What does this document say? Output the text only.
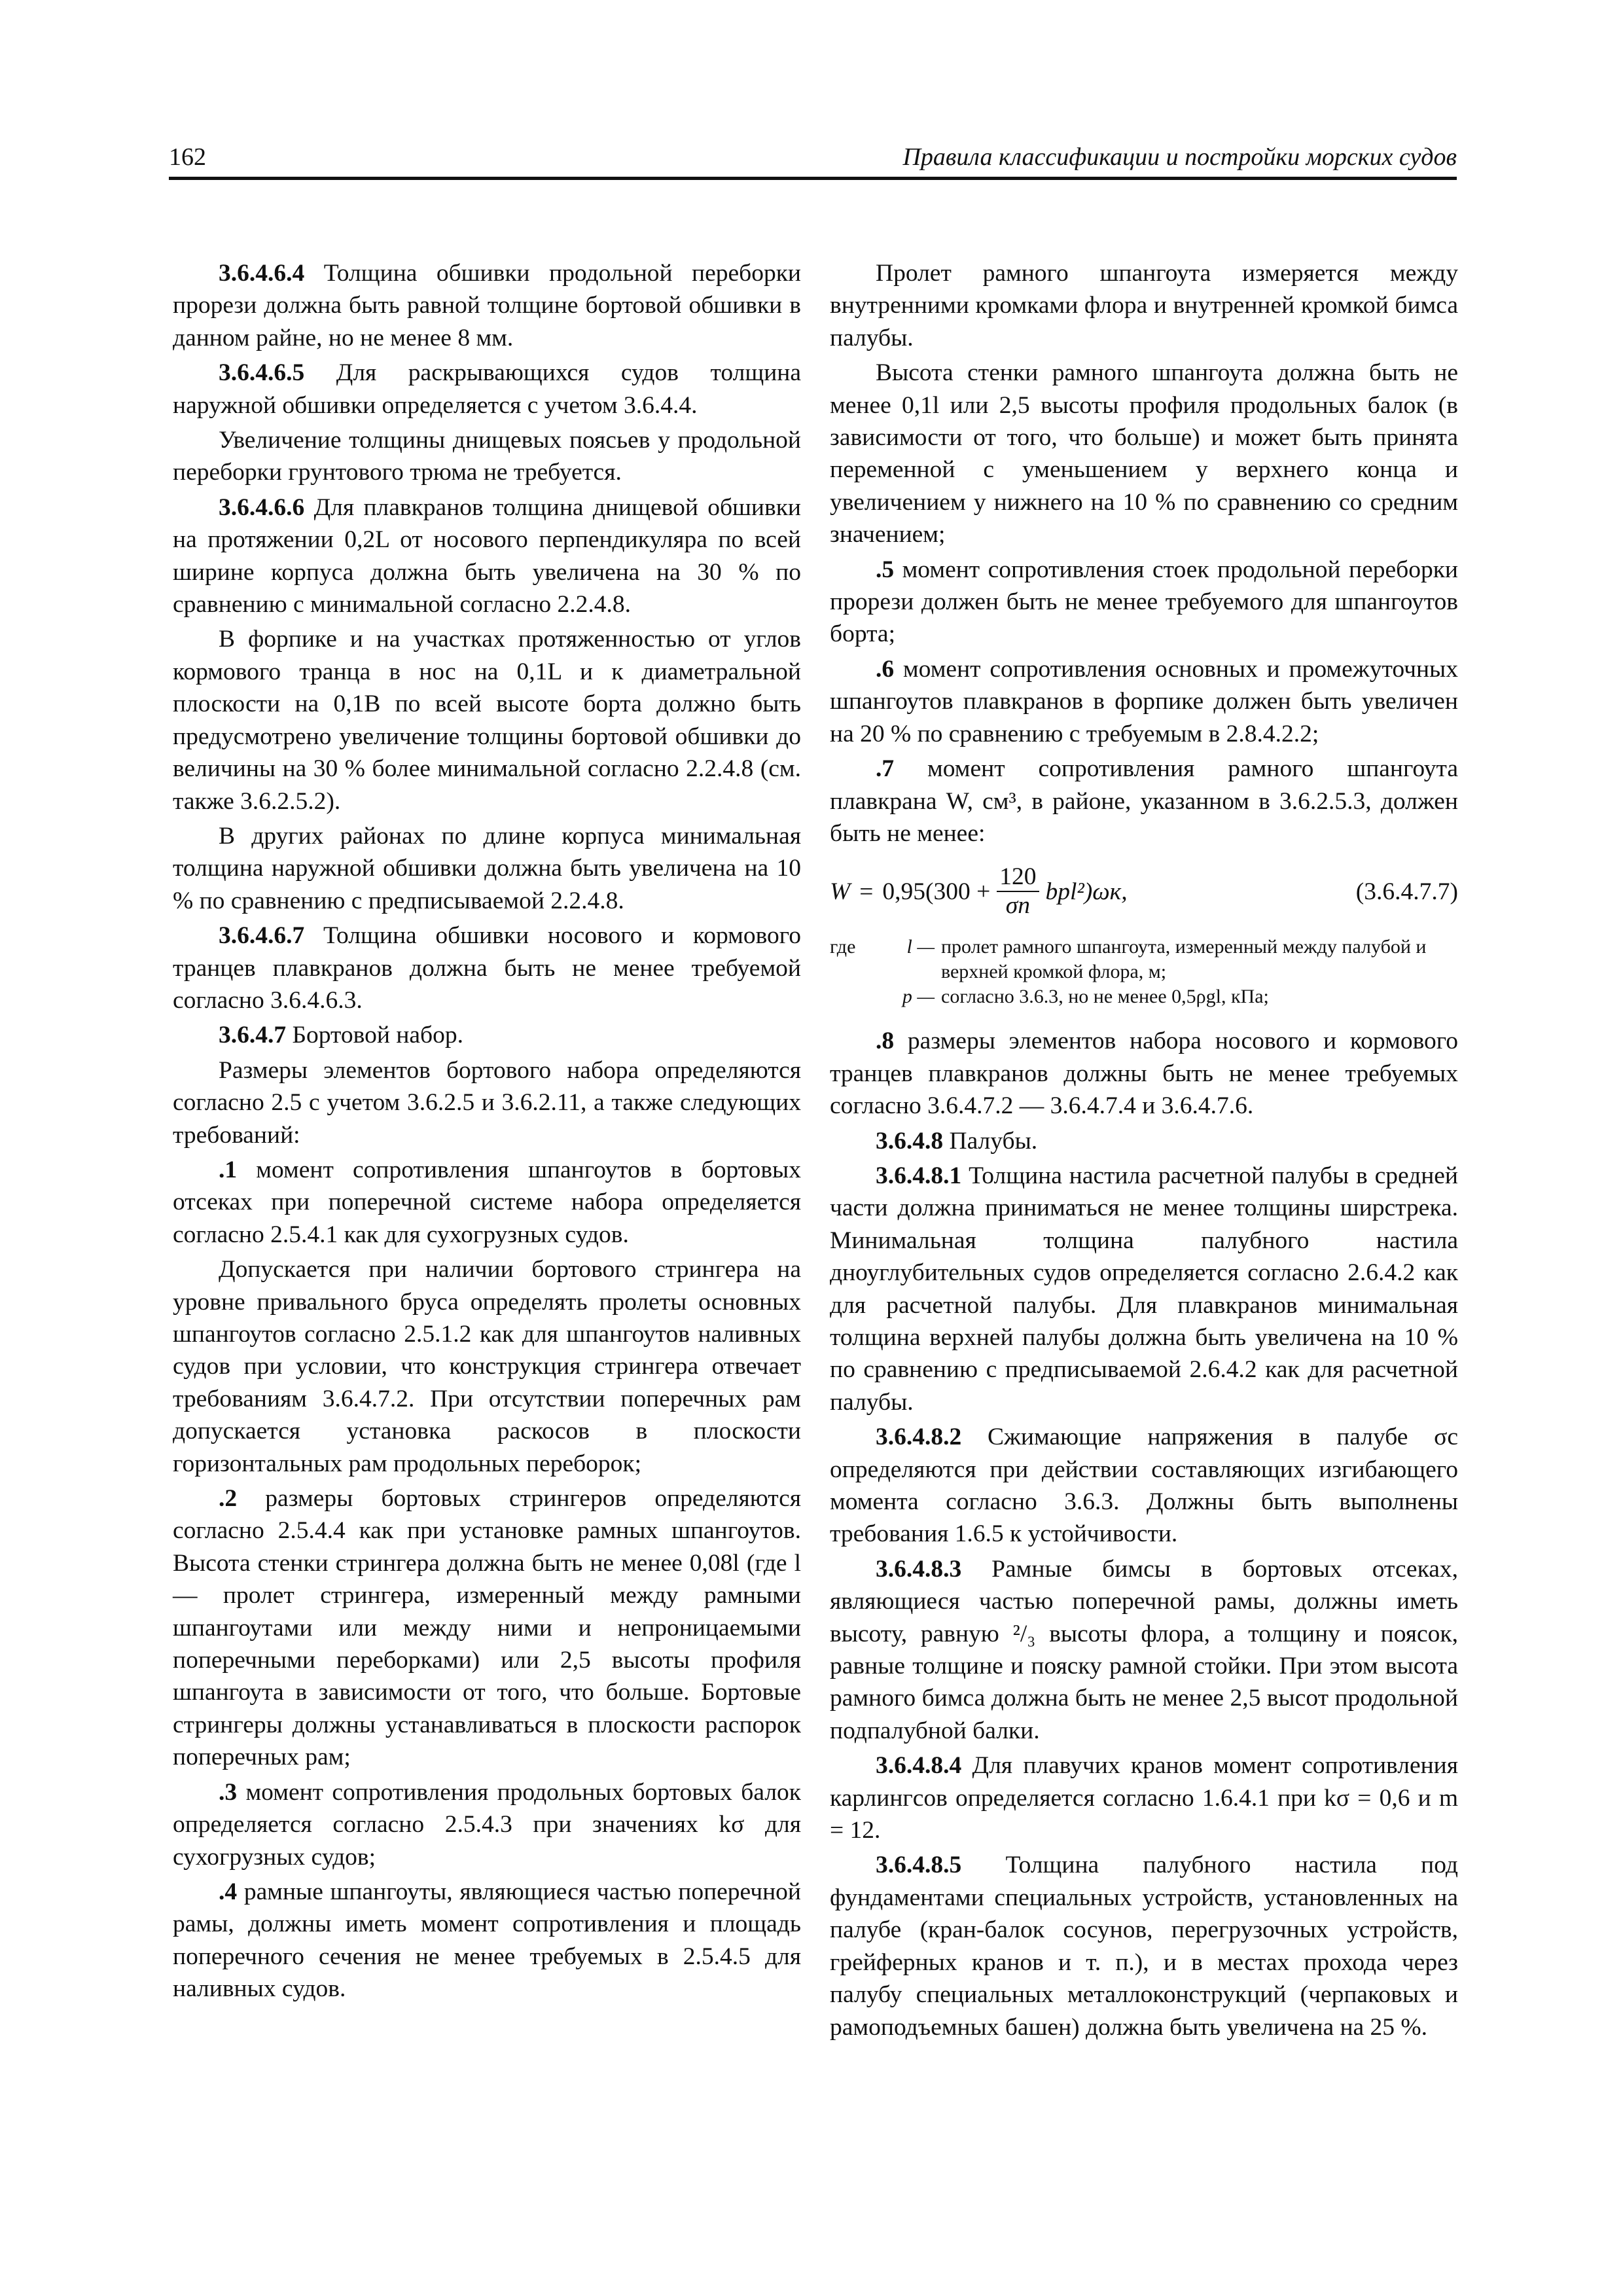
162	Правила классификации и постройки морских судов

3.6.4.6.4 Толщина обшивки продольной переборки прорези должна быть равной толщине бортовой обшивки в данном райне, но не менее 8 мм.

3.6.4.6.5 Для раскрывающихся судов толщина наружной обшивки определяется с учетом 3.6.4.4.

Увеличение толщины днищевых поясьев у продольной переборки грунтового трюма не требуется.

3.6.4.6.6 Для плавкранов толщина днищевой обшивки на протяжении 0,2L от носового перпендикуляра по всей ширине корпуса должна быть увеличена на 30 % по сравнению с минимальной согласно 2.2.4.8.

В форпике и на участках протяженностью от углов кормового транца в нос на 0,1L и к диаметральной плоскости на 0,1B по всей высоте борта должно быть предусмотрено увеличение толщины бортовой обшивки до величины на 30 % более минимальной согласно 2.2.4.8 (см. также 3.6.2.5.2).

В других районах по длине корпуса минимальная толщина наружной обшивки должна быть увеличена на 10 % по сравнению с предписываемой 2.2.4.8.

3.6.4.6.7 Толщина обшивки носового и кормового транцев плавкранов должна быть не менее требуемой согласно 3.6.4.6.3.

3.6.4.7 Бортовой набор.

Размеры элементов бортового набора определяются согласно 2.5 с учетом 3.6.2.5 и 3.6.2.11, а также следующих требований:

.1 момент сопротивления шпангоутов в бортовых отсеках при поперечной системе набора определяется согласно 2.5.4.1 как для сухогрузных судов.

Допускается при наличии бортового стрингера на уровне привального бруса определять пролеты основных шпангоутов согласно 2.5.1.2 как для шпангоутов наливных судов при условии, что конструкция стрингера отвечает требованиям 3.6.4.7.2. При отсутствии поперечных рам допускается установка раскосов в плоскости горизонтальных рам продольных переборок;

.2 размеры бортовых стрингеров определяются согласно 2.5.4.4 как при установке рамных шпангоутов. Высота стенки стрингера должна быть не менее 0,08l (где l — пролет стрингера, измеренный между рамными шпангоутами или между ними и непроницаемыми поперечными переборками) или 2,5 высоты профиля шпангоута в зависимости от того, что больше. Бортовые стрингеры должны устанавливаться в плоскости распорок поперечных рам;

.3 момент сопротивления продольных бортовых балок определяется согласно 2.5.4.3 при значениях kσ для сухогрузных судов;

.4 рамные шпангоуты, являющиеся частью поперечной рамы, должны иметь момент сопротивления и площадь поперечного сечения не менее требуемых в 2.5.4.5 для наливных судов.

Пролет рамного шпангоута измеряется между внутренними кромками флора и внутренней кромкой бимса палубы.

Высота стенки рамного шпангоута должна быть не менее 0,1l или 2,5 высоты профиля продольных балок (в зависимости от того, что больше) и может быть принята переменной с уменьшением у верхнего конца и увеличением у нижнего на 10 % по сравнению со средним значением;

.5 момент сопротивления стоек продольной переборки прорези должен быть не менее требуемого для шпангоутов борта;

.6 момент сопротивления основных и промежуточных шпангоутов плавкранов в форпике должен быть увеличен на 20 % по сравнению с требуемым в 2.8.4.2.2;

.7 момент сопротивления рамного шпангоута плавкрана W, см³, в районе, указанном в 3.6.2.5.3, должен быть не менее:

$W = 0,95(300 + \frac{120}{\sigma n} bpl^2)\omega к$,	(3.6.4.7.7)
где	l — пролет рамного шпангоута, измеренный между палубой и верхней кромкой флора, м;
p — согласно 3.6.3, но не менее 0,5ρgl, кПа;

.8 размеры элементов набора носового и кормового транцев плавкранов должны быть не менее требуемых согласно 3.6.4.7.2 — 3.6.4.7.4 и 3.6.4.7.6.

3.6.4.8 Палубы.

3.6.4.8.1 Толщина настила расчетной палубы в средней части должна приниматься не менее толщины ширстрека. Минимальная толщина палубного настила дноуглубительных судов определяется согласно 2.6.4.2 как для расчетной палубы. Для плавкранов минимальная толщина верхней палубы должна быть увеличена на 10 % по сравнению с предписываемой 2.6.4.2 как для расчетной палубы.

3.6.4.8.2 Сжимающие напряжения в палубе σc определяются при действии составляющих изгибающего момента согласно 3.6.3. Должны быть выполнены требования 1.6.5 к устойчивости.

3.6.4.8.3 Рамные бимсы в бортовых отсеках, являющиеся частью поперечной рамы, должны иметь высоту, равную ²/₃ высоты флора, а толщину и поясок, равные толщине и пояску рамной стойки. При этом высота рамного бимса должна быть не менее 2,5 высот продольной подпалубной балки.

3.6.4.8.4 Для плавучих кранов момент сопротивления карлингсов определяется согласно 1.6.4.1 при kσ = 0,6 и m = 12.

3.6.4.8.5 Толщина палубного настила под фундаментами специальных устройств, установленных на палубе (кран-балок сосунов, перегрузочных устройств, грейферных кранов и т. п.), и в местах прохода через палубу специальных металлоконструкций (черпаковых и рамоподъемных башен) должна быть увеличена на 25 %.
